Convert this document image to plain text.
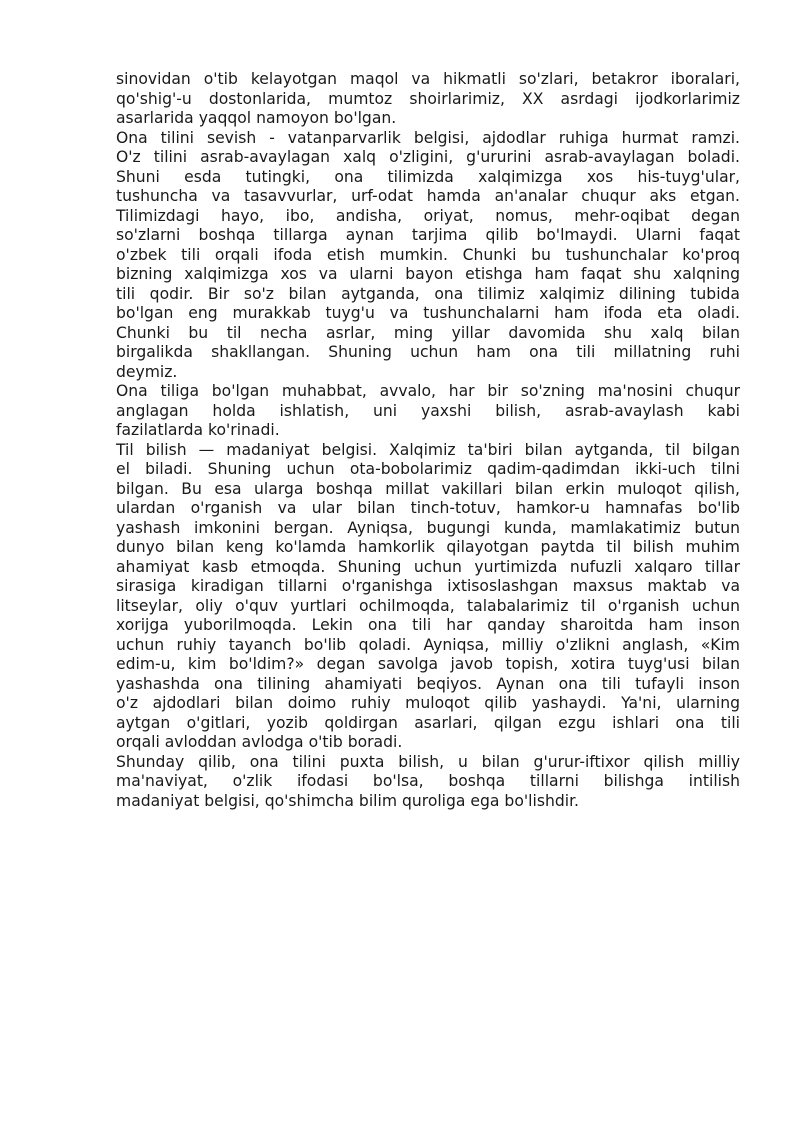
sinovidan o'tib kelayotgan maqol va hikmatli so'zlari, betakror iboralari,
qo'shig'-u dostonlarida, mumtoz shoirlarimiz, XX asrdagi ijodkorlarimiz
asarlarida yaqqol namoyon bo'lgan.
Ona tilini sevish - vatanparvarlik belgisi, ajdodlar ruhiga hurmat ramzi.
O'z tilini asrab-avaylagan xalq o'zligini, g'ururini asrab-avaylagan boladi.
Shuni esda tutingki, ona tilimizda xalqimizga xos his-tuyg'ular,
tushuncha va tasavvurlar, urf-odat hamda an'analar chuqur aks etgan.
Tilimizdagi hayo, ibo, andisha, oriyat, nomus, mehr-oqibat degan
so'zlarni boshqa tillarga aynan tarjima qilib bo'lmaydi. Ularni faqat
o'zbek tili orqali ifoda etish mumkin. Chunki bu tushunchalar ko'proq
bizning xalqimizga xos va ularni bayon etishga ham faqat shu xalqning
tili qodir. Bir so'z bilan aytganda, ona tilimiz xalqimiz dilining tubida
bo'lgan eng murakkab tuyg'u va tushunchalarni ham ifoda eta oladi.
Chunki bu til necha asrlar, ming yillar davomida shu xalq bilan
birgalikda shakllangan. Shuning uchun ham ona tili millatning ruhi
deymiz.
Ona tiliga bo'lgan muhabbat, avvalo, har bir so'zning ma'nosini chuqur
anglagan holda ishlatish, uni yaxshi bilish, asrab-avaylash kabi
fazilatlarda ko'rinadi.
Til bilish — madaniyat belgisi. Xalqimiz ta'biri bilan aytganda, til bilgan
el biladi. Shuning uchun ota-bobolarimiz qadim-qadimdan ikki-uch tilni
bilgan. Bu esa ularga boshqa millat vakillari bilan erkin muloqot qilish,
ulardan o'rganish va ular bilan tinch-totuv, hamkor-u hamnafas bo'lib
yashash imkonini bergan. Ayniqsa, bugungi kunda, mamlakatimiz butun
dunyo bilan keng ko'lamda hamkorlik qilayotgan paytda til bilish muhim
ahamiyat kasb etmoqda. Shuning uchun yurtimizda nufuzli xalqaro tillar
sirasiga kiradigan tillarni o'rganishga ixtisoslashgan maxsus maktab va
litseylar, oliy o'quv yurtlari ochilmoqda, talabalarimiz til o'rganish uchun
xorijga yuborilmoqda. Lekin ona tili har qanday sharoitda ham inson
uchun ruhiy tayanch bo'lib qoladi. Ayniqsa, milliy o'zlikni anglash, «Kim
edim-u, kim bo'ldim?» degan savolga javob topish, xotira tuyg'usi bilan
yashashda ona tilining ahamiyati beqiyos. Aynan ona tili tufayli inson
o'z ajdodlari bilan doimo ruhiy muloqot qilib yashaydi. Ya'ni, ularning
aytgan o'gitlari, yozib qoldirgan asarlari, qilgan ezgu ishlari ona tili
orqali avloddan avlodga o'tib boradi.
Shunday qilib, ona tilini puxta bilish, u bilan g'urur-iftixor qilish milliy
ma'naviyat, o'zlik ifodasi bo'lsa, boshqa tillarni bilishga intilish
madaniyat belgisi, qo'shimcha bilim quroliga ega bo'lishdir.
